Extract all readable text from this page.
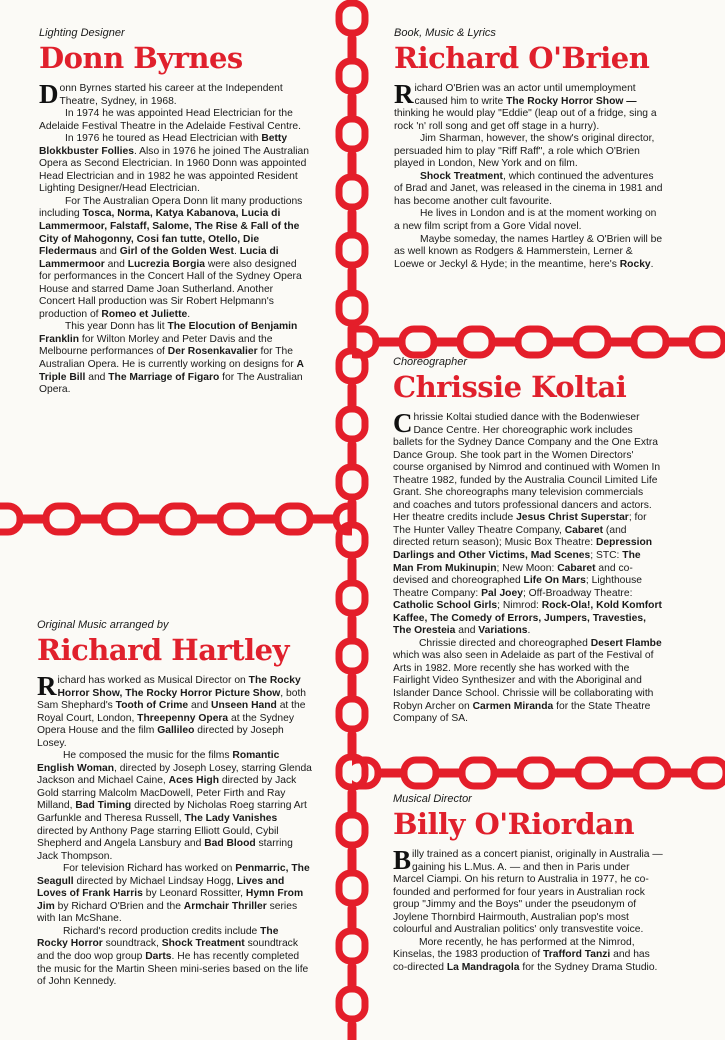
Lighting Designer
Donn Byrnes

Donn Byrnes started his career at the Independent Theatre, Sydney, in 1968.

In 1974 he was appointed Head Electrician for the Adelaide Festival Theatre in the Adelaide Festival Centre.

In 1976 he toured as Head Electrician with Betty Blokkbuster Follies. Also in 1976 he joined The Australian Opera as Second Electrician. In 1960 Donn was appointed Head Electrician and in 1982 he was appointed Resident Lighting Designer/Head Electrician.

For The Australian Opera Donn lit many productions including Tosca, Norma, Katya Kabanova, Lucia di Lammermoor, Falstaff, Salome, The Rise & Fall of the City of Mahogonny, Cosi fan tutte, Otello, Die Fledermaus and Girl of the Golden West. Lucia di Lammermoor and Lucrezia Borgia were also designed for performances in the Concert Hall of the Sydney Opera House and starred Dame Joan Sutherland. Another Concert Hall production was Sir Robert Helpmann's production of Romeo et Juliette.

This year Donn has lit The Elocution of Benjamin Franklin for Wilton Morley and Peter Davis and the Melbourne performances of Der Rosenkavalier for The Australian Opera. He is currently working on designs for A Triple Bill and The Marriage of Figaro for The Australian Opera.

Book, Music & Lyrics
Richard O'Brien

Richard O'Brien was an actor until umemployment caused him to write The Rocky Horror Show — thinking he would play "Eddie" (leap out of a fridge, sing a rock 'n' roll song and get off stage in a hurry).

Jim Sharman, however, the show's original director, persuaded him to play "Riff Raff", a role which O'Brien played in London, New York and on film.

Shock Treatment, which continued the adventures of Brad and Janet, was released in the cinema in 1981 and has become another cult favourite.

He lives in London and is at the moment working on a new film script from a Gore Vidal novel.

Maybe someday, the names Hartley & O'Brien will be as well known as Rodgers & Hammerstein, Lerner & Loewe or Jeckyl & Hyde; in the meantime, here's Rocky.

Choreographer
Chrissie Koltai

Chrissie Koltai studied dance with the Bodenwieser Dance Centre. Her choreographic work includes ballets for the Sydney Dance Company and the One Extra Dance Group. She took part in the Women Directors' course organised by Nimrod and continued with Women In Theatre 1982, funded by the Australia Council Limited Life Grant. She choreographs many television commercials and coaches and tutors professional dancers and actors. Her theatre credits include Jesus Christ Superstar; for The Hunter Valley Theatre Company, Cabaret (and directed return season); Music Box Theatre: Depression Darlings and Other Victims, Mad Scenes; STC: The Man From Mukinupin; New Moon: Cabaret and co-devised and choreographed Life On Mars; Lighthouse Theatre Company: Pal Joey; Off-Broadway Theatre: Catholic School Girls; Nimrod: Rock-Ola!, Kold Komfort Kaffee, The Comedy of Errors, Jumpers, Travesties, The Oresteia and Variations.

Chrissie directed and choreographed Desert Flambe which was also seen in Adelaide as part of the Festival of Arts in 1982. More recently she has worked with the Fairlight Video Synthesizer and with the Aboriginal and Islander Dance School. Chrissie will be collaborating with Robyn Archer on Carmen Miranda for the State Theatre Company of SA.

Original Music arranged by
Richard Hartley

Richard has worked as Musical Director on The Rocky Horror Show, The Rocky Horror Picture Show, both Sam Shephard's Tooth of Crime and Unseen Hand at the Royal Court, London, Threepenny Opera at the Sydney Opera House and the film Gallileo directed by Joseph Losey.

He composed the music for the films Romantic English Woman, directed by Joseph Losey, starring Glenda Jackson and Michael Caine, Aces High directed by Jack Gold starring Malcolm MacDowell, Peter Firth and Ray Milland, Bad Timing directed by Nicholas Roeg starring Art Garfunkle and Theresa Russell, The Lady Vanishes directed by Anthony Page starring Elliott Gould, Cybil Shepherd and Angela Lansbury and Bad Blood starring Jack Thompson.

For television Richard has worked on Penmarric, The Seagull directed by Michael Lindsay Hogg, Lives and Loves of Frank Harris by Leonard Rossitter, Hymn From Jim by Richard O'Brien and the Armchair Thriller series with Ian McShane.

Richard's record production credits include The Rocky Horror soundtrack, Shock Treatment soundtrack and the doo wop group Darts. He has recently completed the music for the Martin Sheen mini-series based on the life of John Kennedy.

Musical Director
Billy O'Riordan

Billy trained as a concert pianist, originally in Australia — gaining his L.Mus. A. — and then in Paris under Marcel Ciampi. On his return to Australia in 1977, he co-founded and performed for four years in Australian rock group "Jimmy and the Boys" under the pseudonym of Joylene Thornbird Hairmouth, Australian pop's most colourful and Australian politics' only transvestite voice.

More recently, he has performed at the Nimrod, Kinselas, the 1983 production of Trafford Tanzi and has co-directed La Mandragola for the Sydney Drama Studio.
